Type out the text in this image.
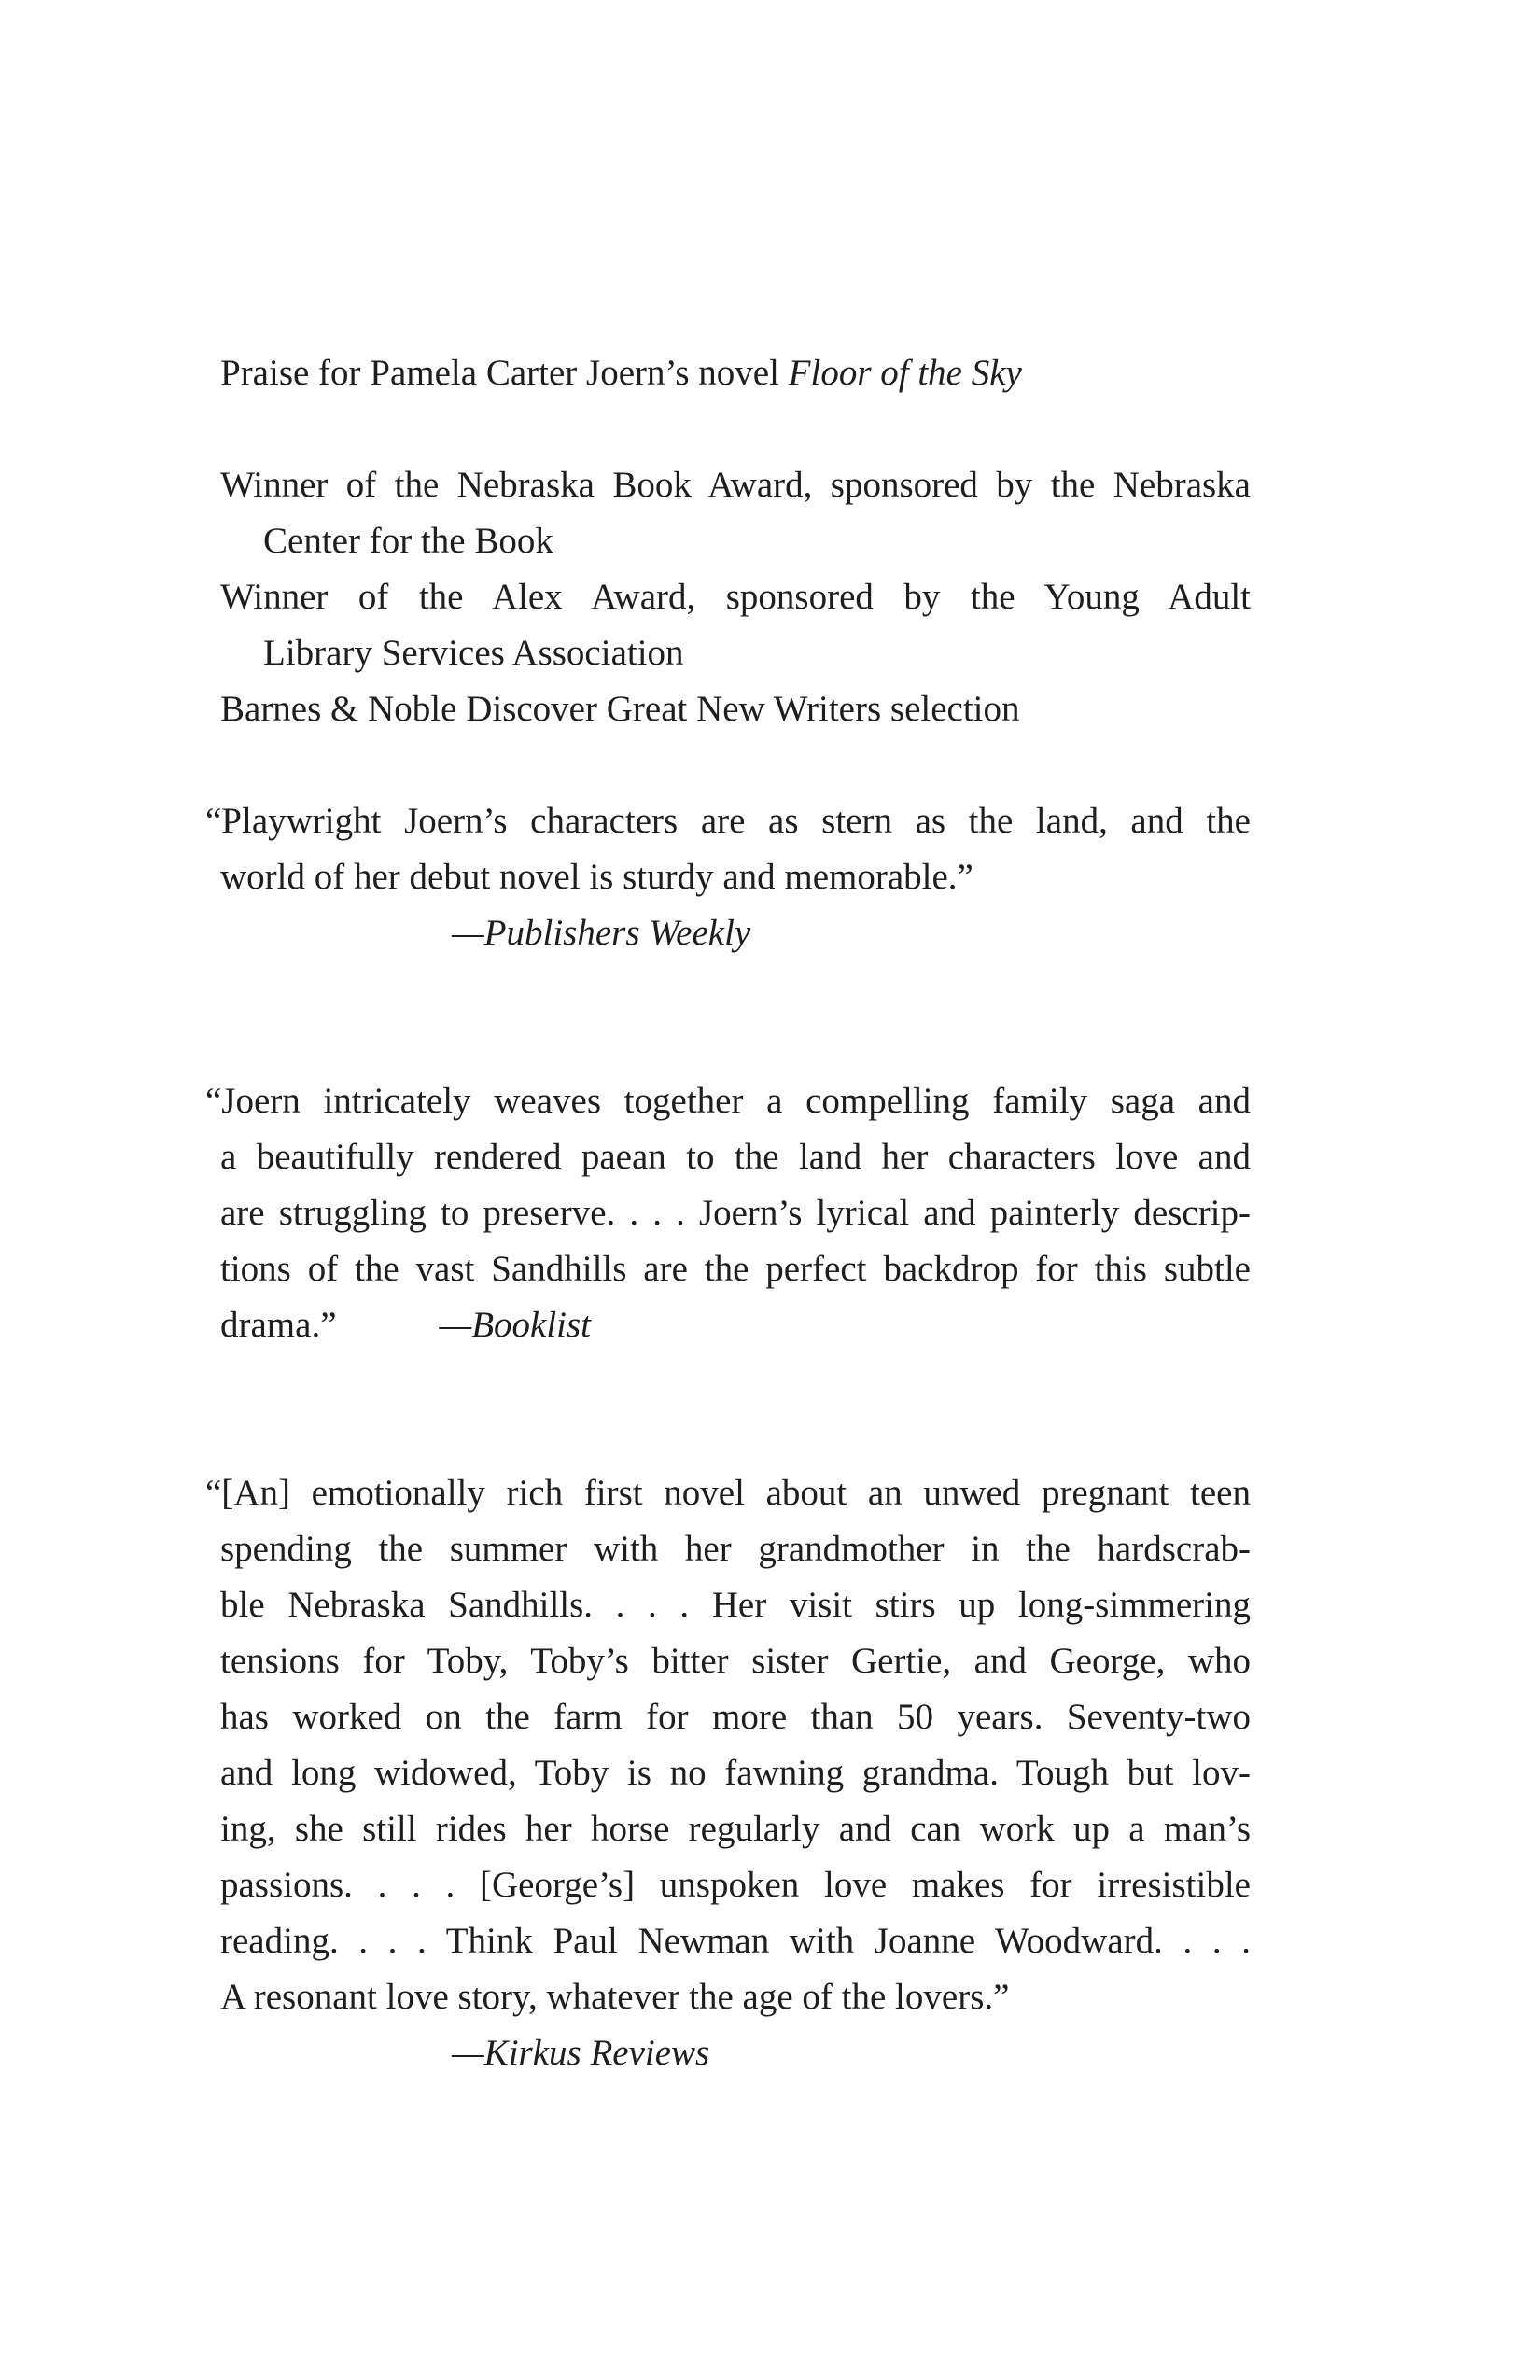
Praise for Pamela Carter Joern’s novel Floor of the Sky
Winner of the Nebraska Book Award, sponsored by the Nebraska
Center for the Book
Winner of the Alex Award, sponsored by the Young Adult
Library Services Association
Barnes & Noble Discover Great New Writers selection
“Playwright Joern’s characters are as stern as the land, and the
world of her debut novel is sturdy and memorable.”
—Publishers Weekly
“Joern intricately weaves together a compelling family saga and
a beautifully rendered paean to the land her characters love and
are struggling to preserve. . . . Joern’s lyrical and painterly descrip-
tions of the vast Sandhills are the perfect backdrop for this subtle
drama.”	—Booklist
“[An] emotionally rich first novel about an unwed pregnant teen
spending the summer with her grandmother in the hardscrab-
ble Nebraska Sandhills. . . . Her visit stirs up long-simmering
tensions for Toby, Toby’s bitter sister Gertie, and George, who
has worked on the farm for more than 50 years. Seventy-two
and long widowed, Toby is no fawning grandma. Tough but lov-
ing, she still rides her horse regularly and can work up a man’s
passions. . . . [George’s] unspoken love makes for irresistible
reading. . . . Think Paul Newman with Joanne Woodward. . . .
A resonant love story, whatever the age of the lovers.”
—Kirkus Reviews
